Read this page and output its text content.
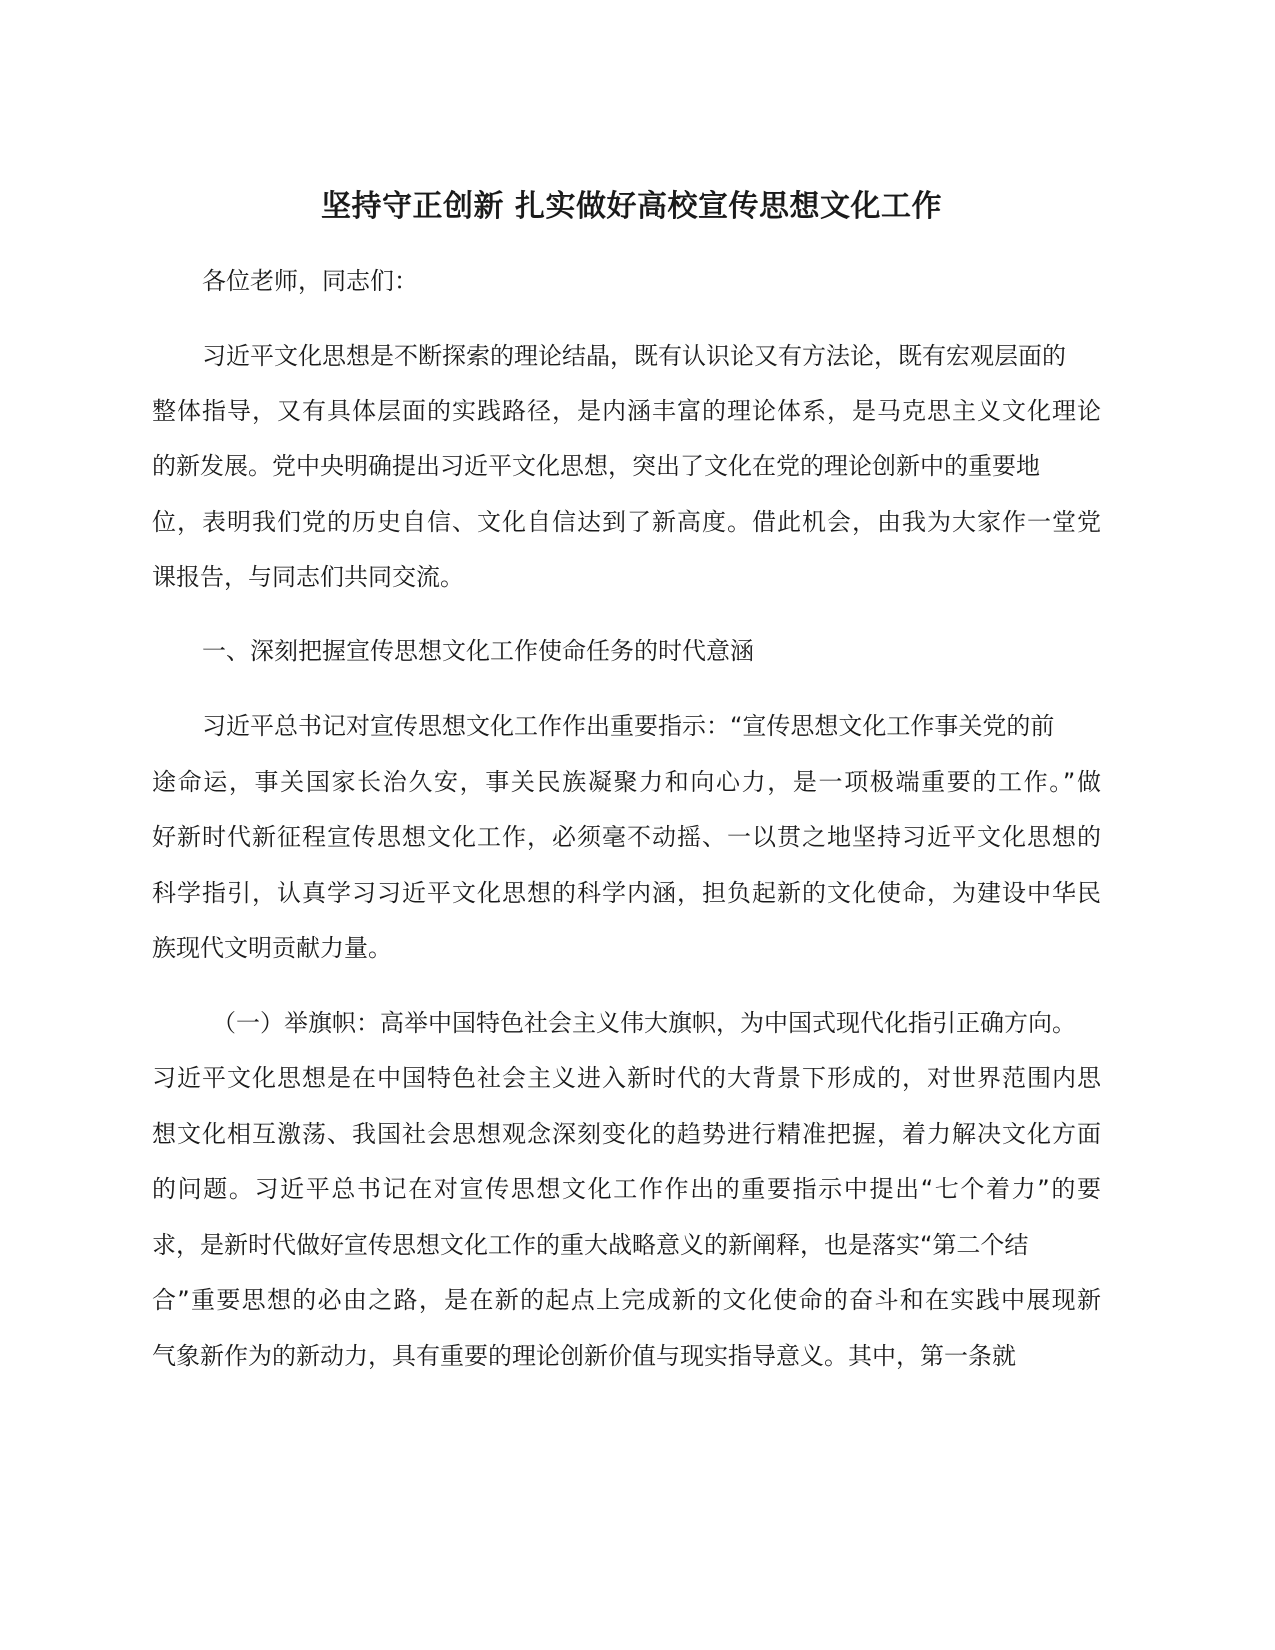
坚持守正创新 扎实做好高校宣传思想文化工作

各位老师，同志们：

习近平文化思想是不断探索的理论结晶，既有认识论又有方法论，既有宏观层面的

整体指导，又有具体层面的实践路径，是内涵丰富的理论体系，是马克思主义文化理论

的新发展。党中央明确提出习近平文化思想，突出了文化在党的理论创新中的重要地

位，表明我们党的历史自信、文化自信达到了新高度。借此机会，由我为大家作一堂党

课报告，与同志们共同交流。

一、深刻把握宣传思想文化工作使命任务的时代意涵

习近平总书记对宣传思想文化工作作出重要指示：“宣传思想文化工作事关党的前

途命运，事关国家长治久安，事关民族凝聚力和向心力，是一项极端重要的工作。”做

好新时代新征程宣传思想文化工作，必须毫不动摇、一以贯之地坚持习近平文化思想的

科学指引，认真学习习近平文化思想的科学内涵，担负起新的文化使命，为建设中华民

族现代文明贡献力量。

（一）举旗帜：高举中国特色社会主义伟大旗帜，为中国式现代化指引正确方向。

习近平文化思想是在中国特色社会主义进入新时代的大背景下形成的，对世界范围内思

想文化相互激荡、我国社会思想观念深刻变化的趋势进行精准把握，着力解决文化方面

的问题。习近平总书记在对宣传思想文化工作作出的重要指示中提出“七个着力”的要

求，是新时代做好宣传思想文化工作的重大战略意义的新阐释，也是落实“第二个结

合”重要思想的必由之路，是在新的起点上完成新的文化使命的奋斗和在实践中展现新

气象新作为的新动力，具有重要的理论创新价值与现实指导意义。其中，第一条就
